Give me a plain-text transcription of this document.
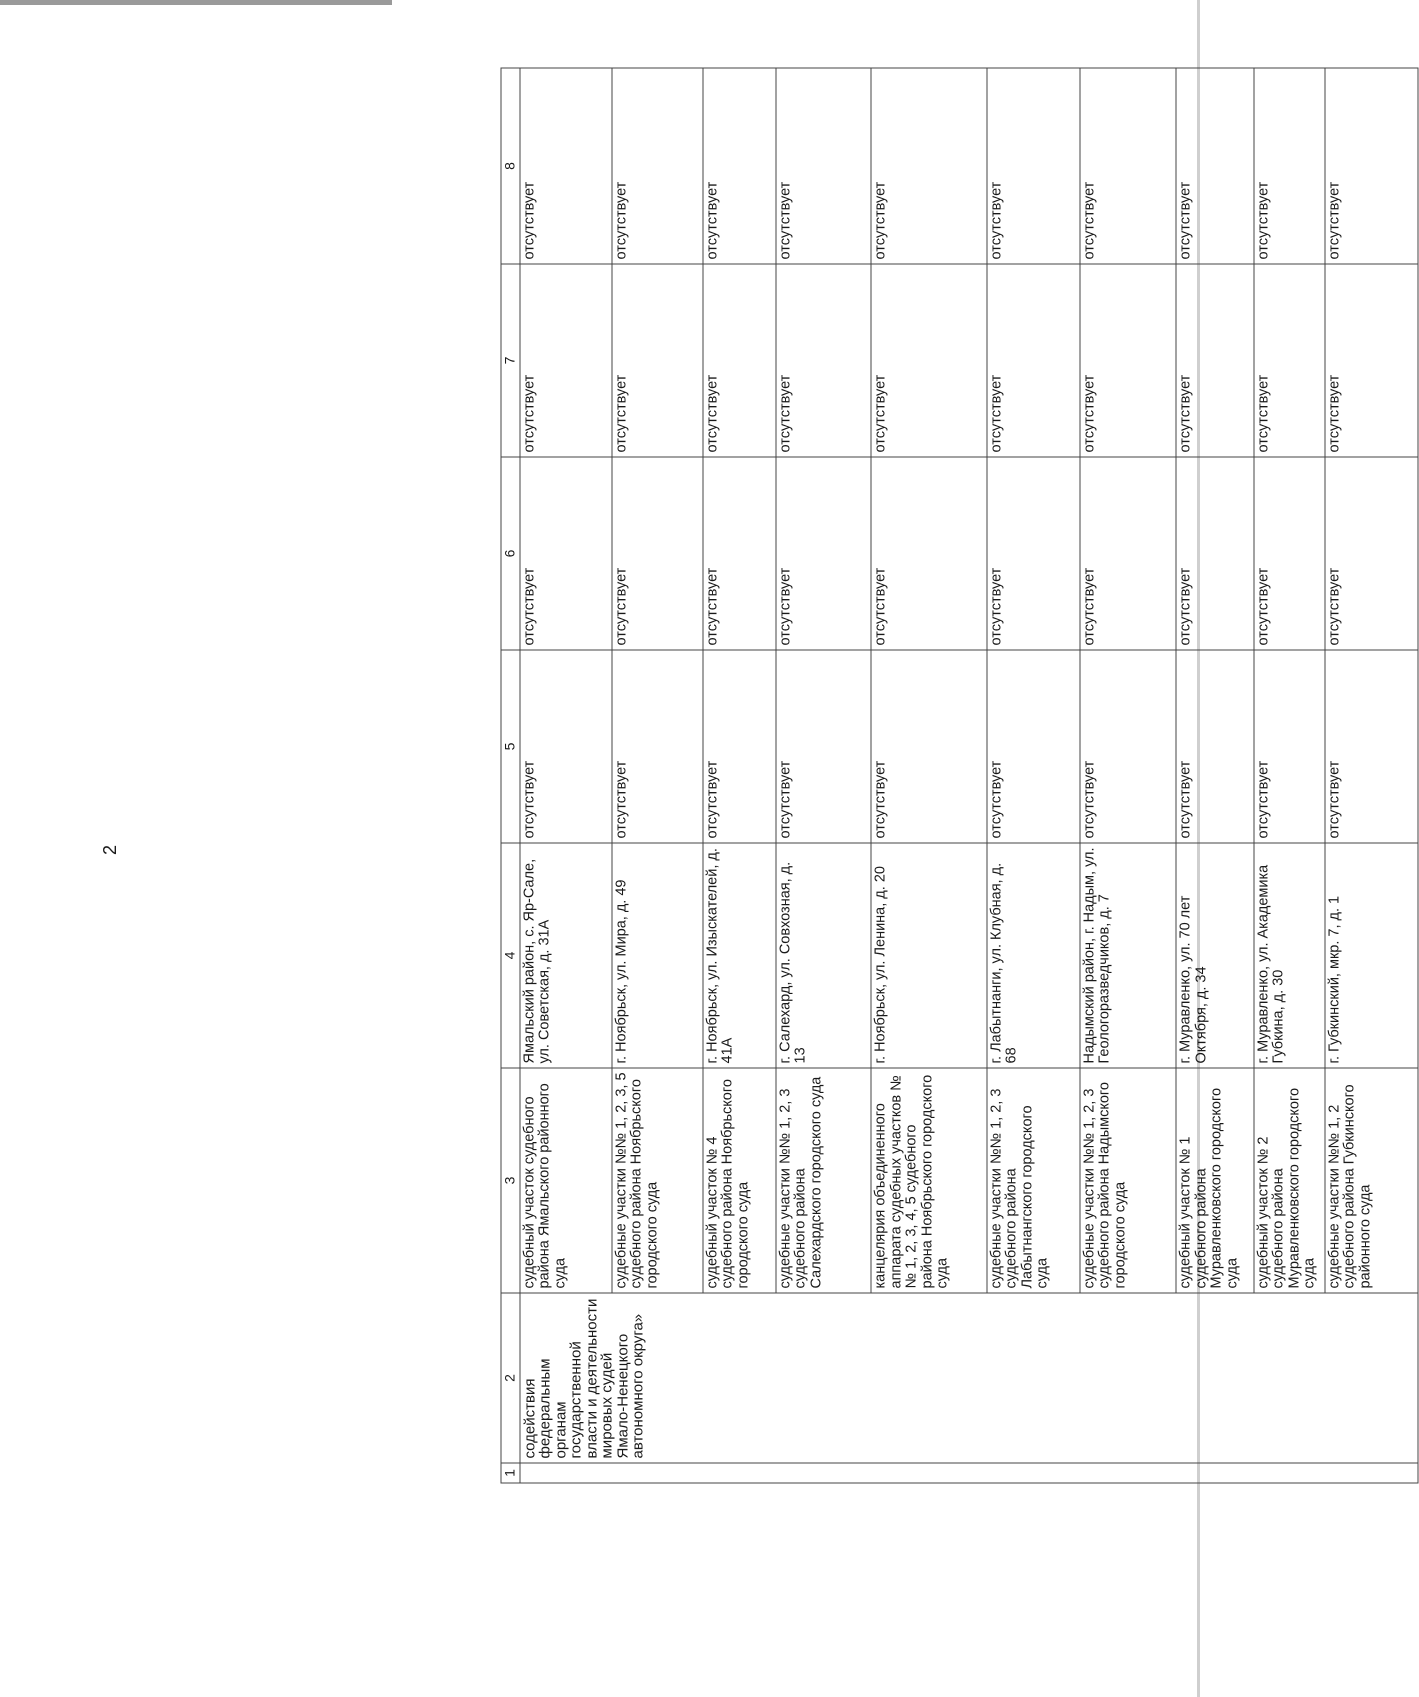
2
1	2	3	4	5	6	7	8
	содействия федеральным органам государственной власти и деятельности мировых судей Ямало-Ненецкого автономного округа»	судебный участок судебного района Ямальского районного суда	Ямальский район, с. Яр-Сале, ул. Советская, д. 31А	отсутствует	отсутствует	отсутствует	отсутствует
		судебные участки №№ 1, 2, 3, 5 судебного района Ноябрьского городского суда	г. Ноябрьск, ул. Мира, д. 49	отсутствует	отсутствует	отсутствует	отсутствует
		судебный участок № 4 судебного района Ноябрьского городского суда	г. Ноябрьск, ул. Изыскателей, д. 41А	отсутствует	отсутствует	отсутствует	отсутствует
		судебные участки №№ 1, 2, 3 судебного района Салехардского городского суда	г. Салехард, ул. Совхозная, д. 13	отсутствует	отсутствует	отсутствует	отсутствует
		канцелярия объединенного аппарата судебных участков №№ 1, 2, 3, 4, 5 судебного района Ноябрьского городского суда	г. Ноябрьск, ул. Ленина, д. 20	отсутствует	отсутствует	отсутствует	отсутствует
		судебные участки №№ 1, 2, 3 судебного района Лабытнангского городского суда	г. Лабытнанги, ул. Клубная, д. 68	отсутствует	отсутствует	отсутствует	отсутствует
		судебные участки №№ 1, 2, 3 судебного района Надымского городского суда	Надымский район, г. Надым, ул. Геологоразведчиков, д. 7	отсутствует	отсутствует	отсутствует	отсутствует
		судебный участок № 1 судебного района Муравленковского городского суда	г. Муравленко, ул. 70 лет Октября, д. 34	отсутствует	отсутствует	отсутствует	отсутствует
		судебный участок № 2 судебного района Муравленковского городского суда	г. Муравленко, ул. Академика Губкина, д. 30	отсутствует	отсутствует	отсутствует	отсутствует
		судебные участки №№ 1, 2 судебного района Губкинского районного суда	г. Губкинский, мкр. 7, д. 1	отсутствует	отсутствует	отсутствует	отсутствует
